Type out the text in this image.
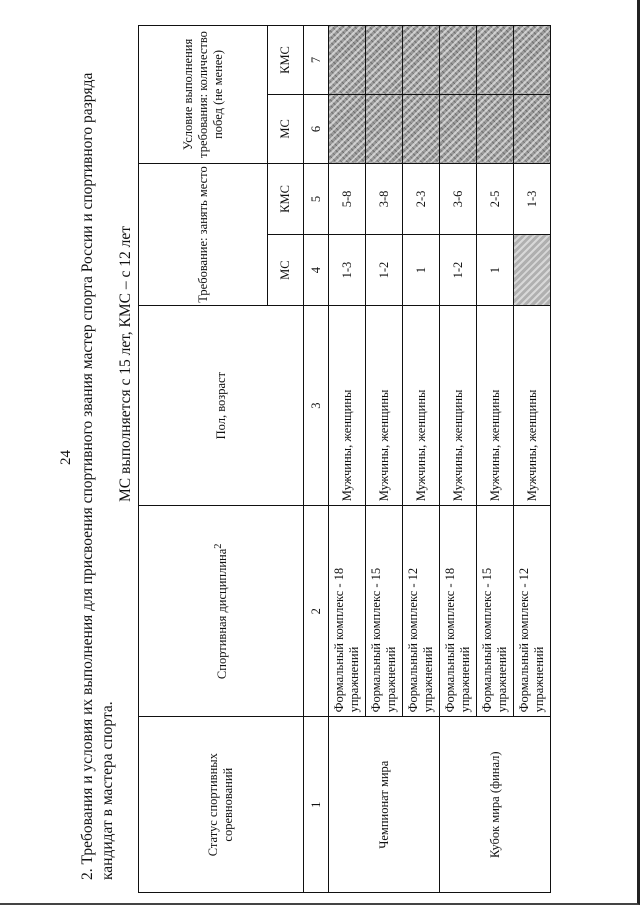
24 2. Требования и условия их выполнения для присвоения спортивного звания мастер спорта России и спортивного разряда кандидат в мастера спорта.
МС выполняется с 15 лет, КМС – с 12 лет
Статус спортивных соревнований	Спортивная дисциплина$^2$	Пол, возраст	Требование: занять место		Условие выполнения требования: количество побед (не менее)	
			МС	КМС	МС	КМС
1	2	3	4	5	6	7
Чемпионат мира	Формальный комплекс - 18 упражнений	Мужчины, женщины	1-3	5-8		
	Формальный комплекс - 15 упражнений	Мужчины, женщины	1-2	3-8		
	Формальный комплекс - 12 упражнений	Мужчины, женщины	1	2-3		
Кубок мира (финал)	Формальный комплекс - 18 упражнений	Мужчины, женщины	1-2	3-6		
	Формальный комплекс - 15 упражнений	Мужчины, женщины	1	2-5		
	Формальный комплекс - 12 упражнений	Мужчины, женщины		1-3		
